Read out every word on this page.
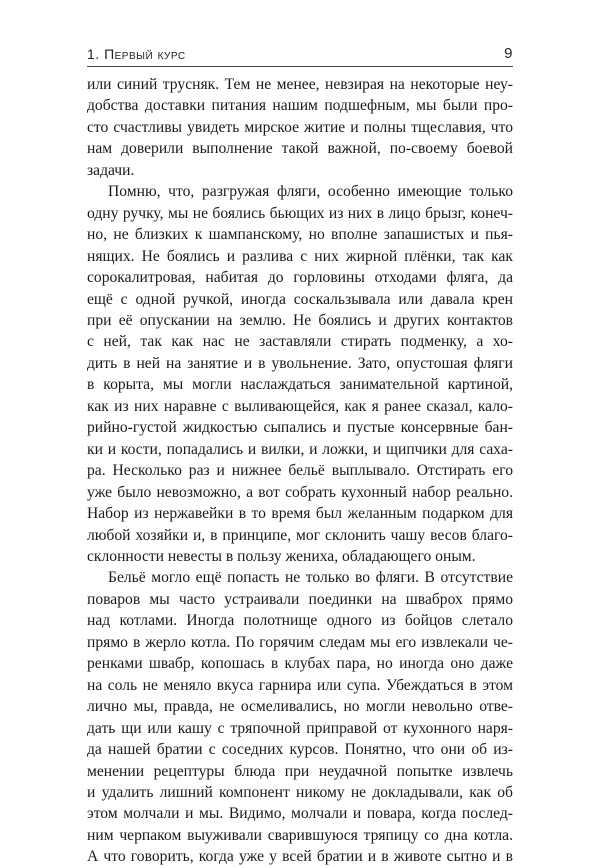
1. Первый курс	9
или синий трусняк. Тем не менее, невзирая на некоторые неу-
добства доставки питания нашим подшефным, мы были про-
сто счастливы увидеть мирское житие и полны тщеславия, что
нам доверили выполнение такой важной, по-своему боевой
задачи.
Помню, что, разгружая фляги, особенно имеющие только
одну ручку, мы не боялись бьющих из них в лицо брызг, конеч-
но, не близких к шампанскому, но вполне запашистых и пья-
нящих. Не боялись и разлива с них жирной плёнки, так как
сорокалитровая, набитая до горловины отходами фляга, да
ещё с одной ручкой, иногда соскальзывала или давала крен
при её опускании на землю. Не боялись и других контактов
с ней, так как нас не заставляли стирать подменку, а хо-
дить в ней на занятие и в увольнение. Зато, опустошая фляги
в корыта, мы могли наслаждаться занимательной картиной,
как из них наравне с выливающейся, как я ранее сказал, кало-
рийно-густой жидкостью сыпались и пустые консервные бан-
ки и кости, попадались и вилки, и ложки, и щипчики для саха-
ра. Несколько раз и нижнее бельё выплывало. Отстирать его
уже было невозможно, а вот собрать кухонный набор реально.
Набор из нержавейки в то время был желанным подарком для
любой хозяйки и, в принципе, мог склонить чашу весов благо-
склонности невесты в пользу жениха, обладающего оным.
Бельё могло ещё попасть не только во фляги. В отсутствие
поваров мы часто устраивали поединки на шваброх прямо
над котлами. Иногда полотнище одного из бойцов слетало
прямо в жерло котла. По горячим следам мы его извлекали че-
ренками швабр, копошась в клубах пара, но иногда оно даже
на соль не меняло вкуса гарнира или супа. Убеждаться в этом
лично мы, правда, не осмеливались, но могли невольно отве-
дать щи или кашу с тряпочной приправой от кухонного наря-
да нашей братии с соседних курсов. Понятно, что они об из-
менении рецептуры блюда при неудачной попытке извлечь
и удалить лишний компонент никому не докладывали, как об
этом молчали и мы. Видимо, молчали и повара, когда послед-
ним черпаком выуживали сварившуюся тряпицу со дна котла.
А что говорить, когда уже у всей братии и в животе сытно и в
